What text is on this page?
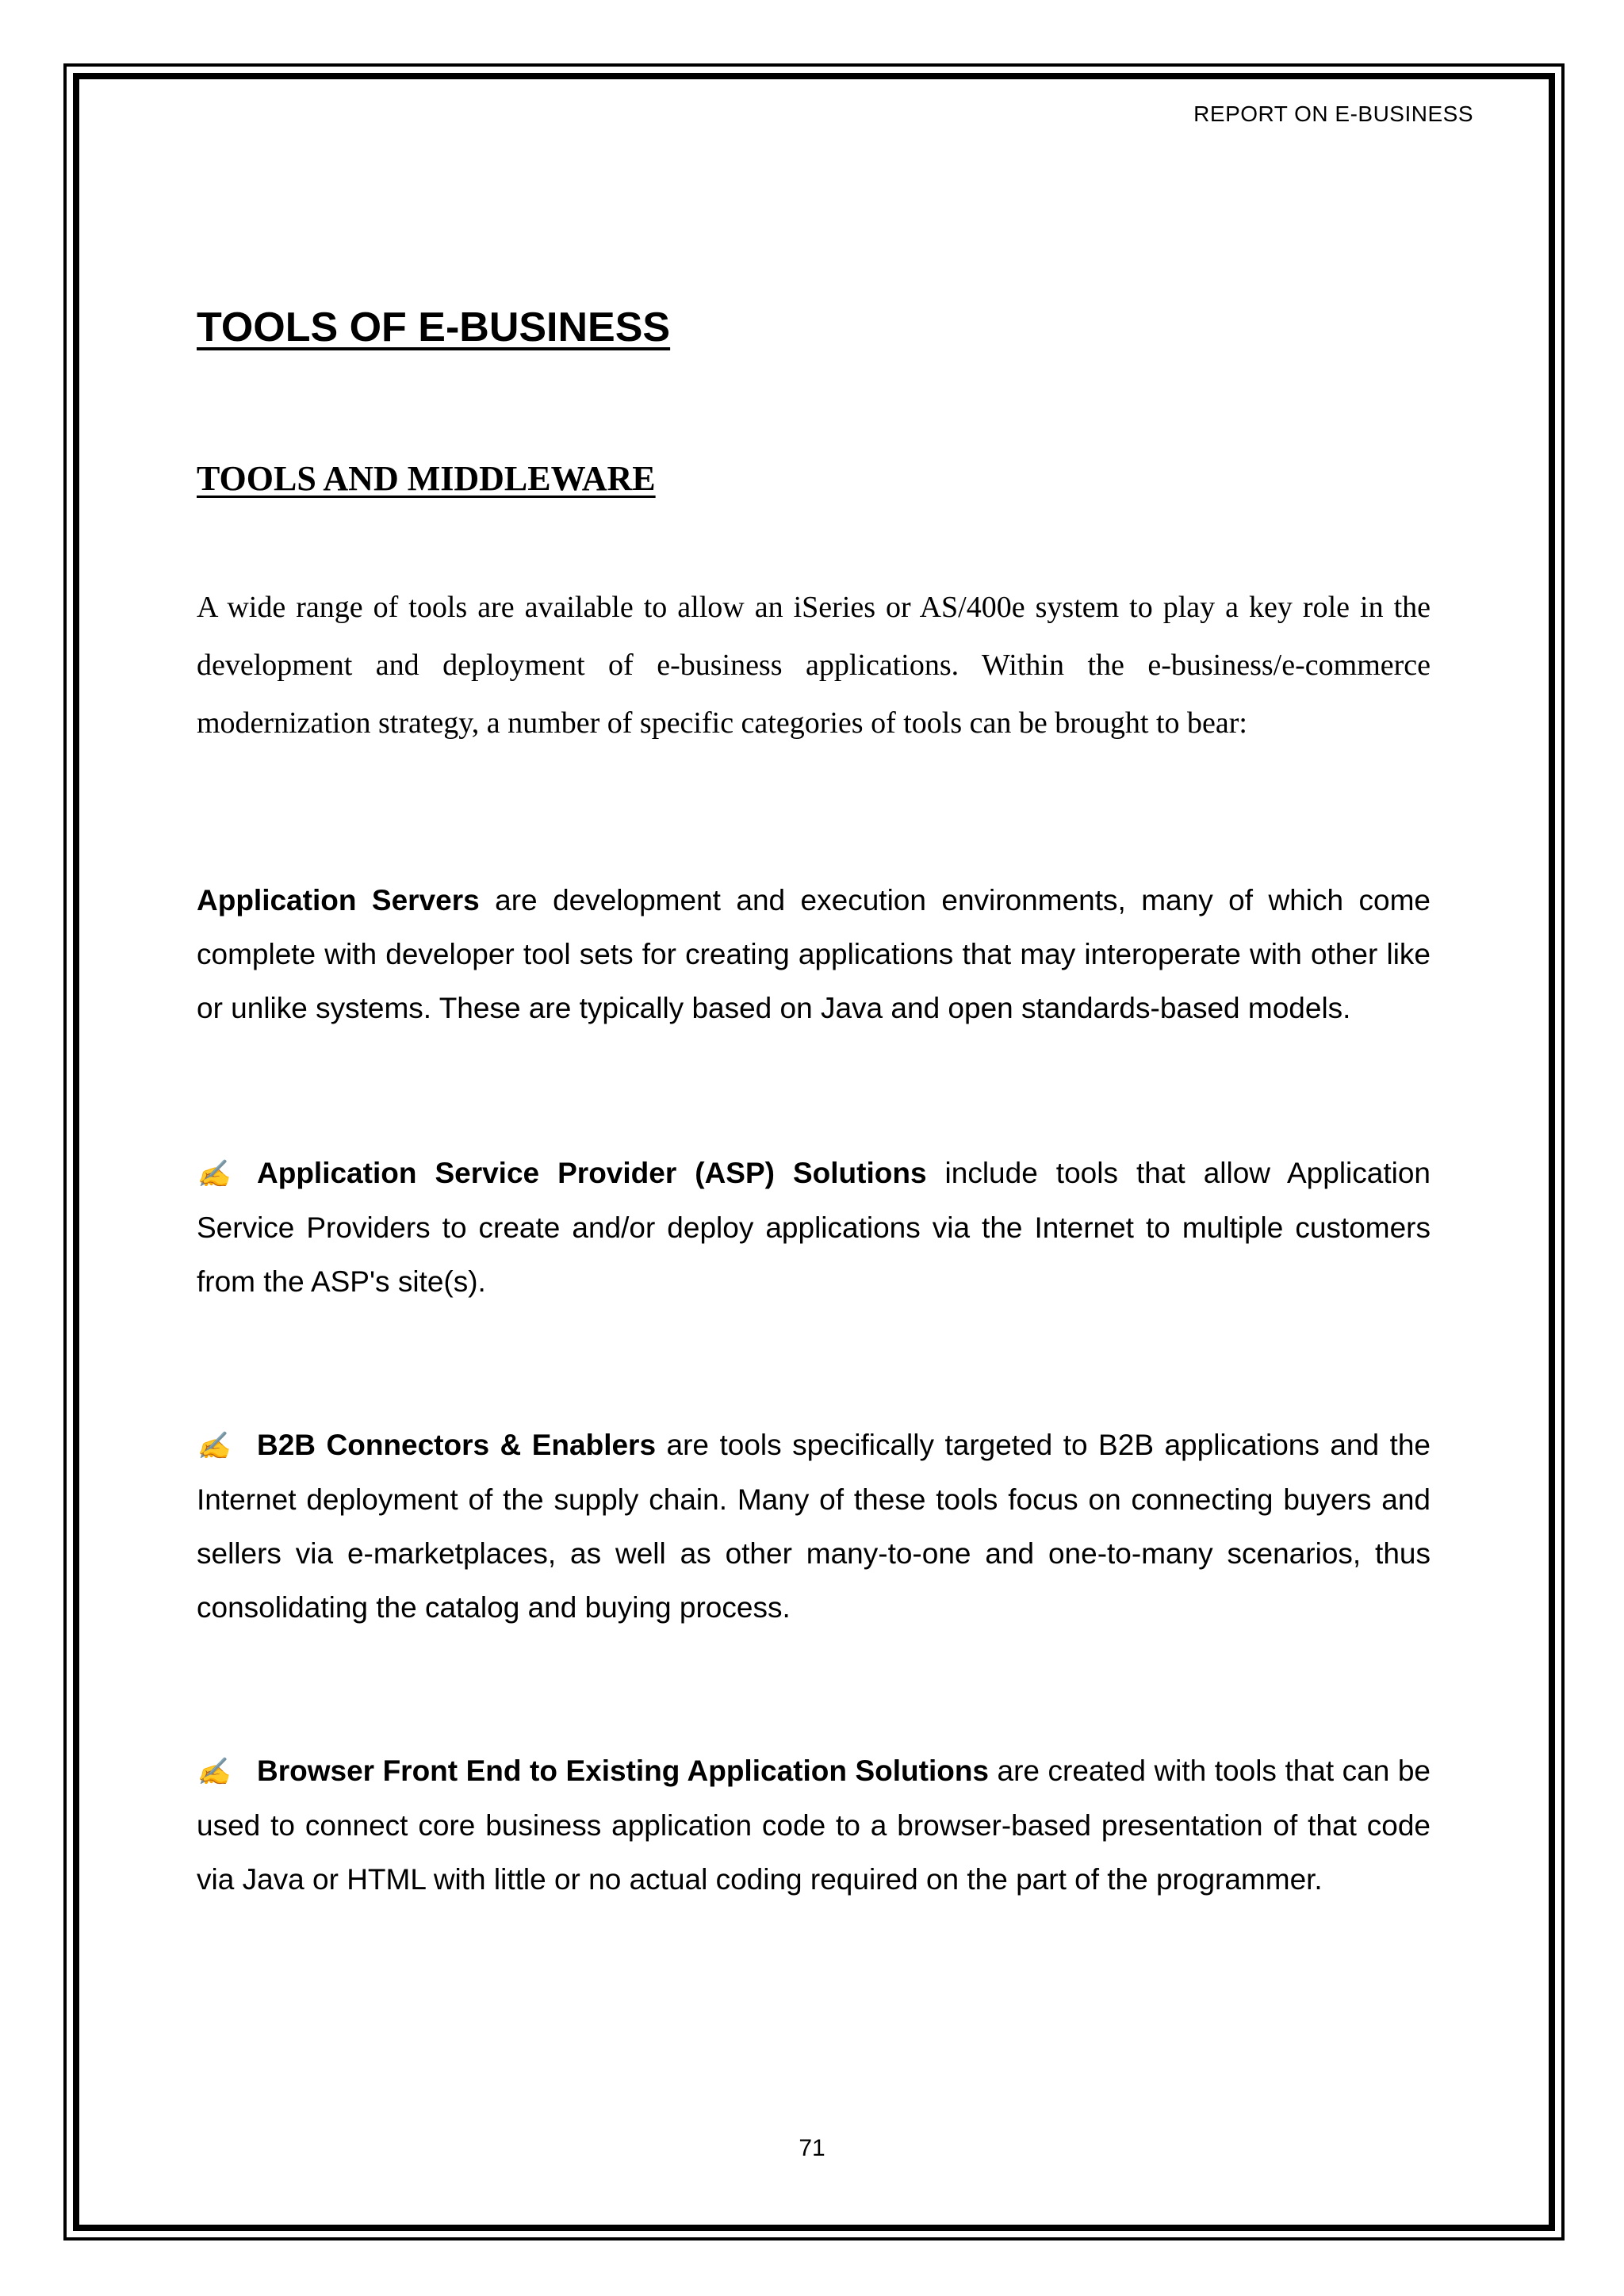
REPORT ON E-BUSINESS
TOOLS OF E-BUSINESS
TOOLS AND MIDDLEWARE

A wide range of tools are available to allow an iSeries or AS/400e system to play a key role in the development and deployment of e-business applications. Within the e-business/e-commerce modernization strategy, a number of specific categories of tools can be brought to bear:

Application Servers are development and execution environments, many of which come complete with developer tool sets for creating applications that may interoperate with other like or unlike systems. These are typically based on Java and open standards-based models.

✍ Application Service Provider (ASP) Solutions include tools that allow Application Service Providers to create and/or deploy applications via the Internet to multiple customers from the ASP's site(s).

✍ B2B Connectors & Enablers are tools specifically targeted to B2B applications and the Internet deployment of the supply chain. Many of these tools focus on connecting buyers and sellers via e-marketplaces, as well as other many-to-one and one-to-many scenarios, thus consolidating the catalog and buying process.

✍ Browser Front End to Existing Application Solutions are created with tools that can be used to connect core business application code to a browser-based presentation of that code via Java or HTML with little or no actual coding required on the part of the programmer.

71
